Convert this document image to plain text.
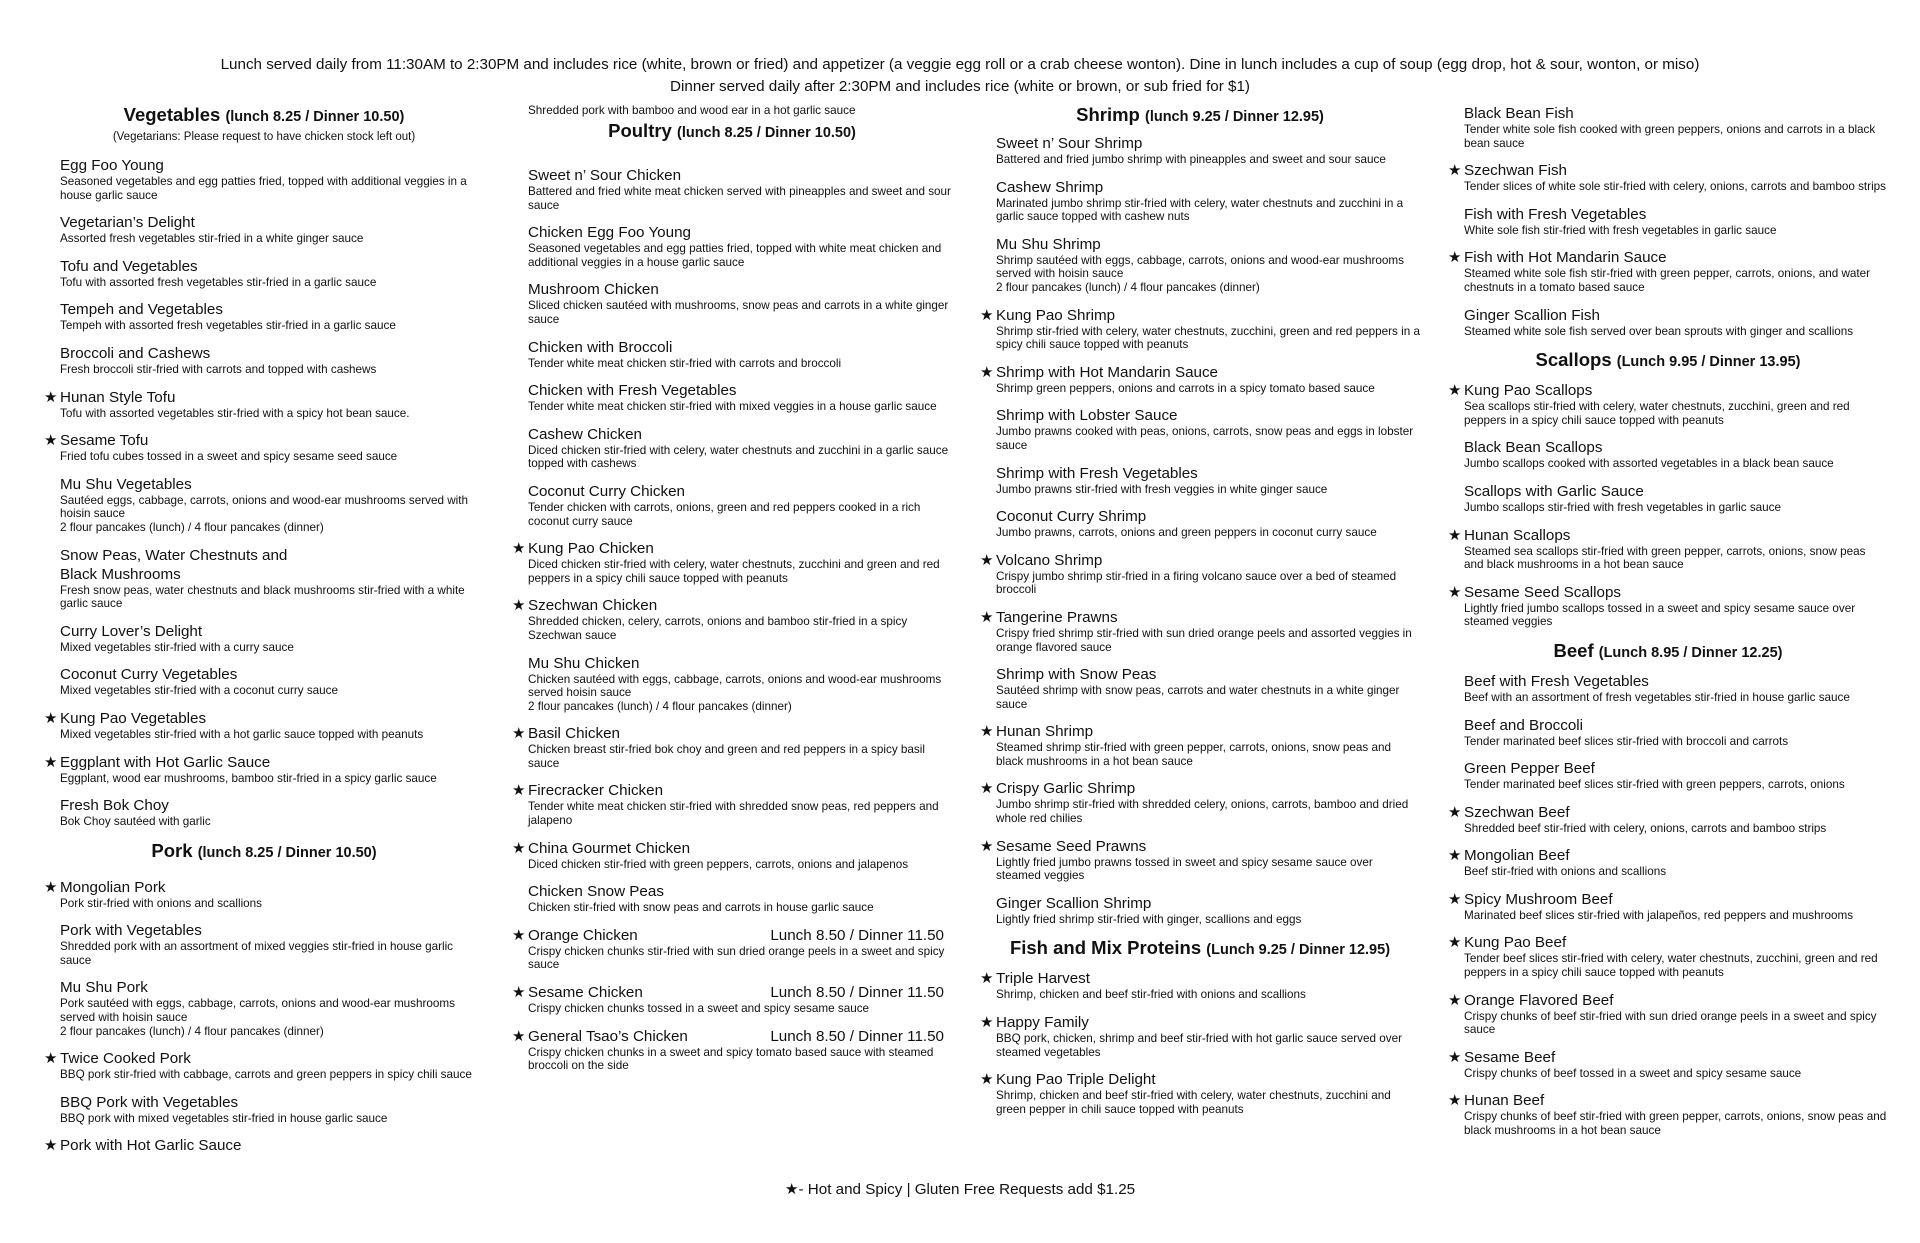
Lunch served daily from 11:30AM to 2:30PM and includes rice (white, brown or fried) and appetizer (a veggie egg roll or a crab cheese wonton). Dine in lunch includes a cup of soup (egg drop, hot & sour, wonton, or miso)
Dinner served daily after 2:30PM and includes rice (white or brown, or sub fried for $1)
Vegetables (lunch 8.25 / Dinner 10.50)
(Vegetarians: Please request to have chicken stock left out)
Egg Foo Young
Seasoned vegetables and egg patties fried, topped with additional veggies in a house garlic sauce
Vegetarian’s Delight
Assorted fresh vegetables stir-fried in a white ginger sauce
Tofu and Vegetables
Tofu with assorted fresh vegetables stir-fried in a garlic sauce
Tempeh and Vegetables
Tempeh with assorted fresh vegetables stir-fried in a garlic sauce
Broccoli and Cashews
Fresh broccoli stir-fried with carrots and topped with cashews
★ Hunan Style Tofu
Tofu with assorted vegetables stir-fried with a spicy hot bean sauce.
★ Sesame Tofu
Fried tofu cubes tossed in a sweet and spicy sesame seed sauce
Mu Shu Vegetables
Sautéed eggs, cabbage, carrots, onions and wood-ear mushrooms served with hoisin sauce
2 flour pancakes (lunch) / 4 flour pancakes (dinner)
Snow Peas, Water Chestnuts and
Black Mushrooms
Fresh snow peas, water chestnuts and black mushrooms stir-fried with a white garlic sauce
Curry Lover’s Delight
Mixed vegetables stir-fried with a curry sauce
Coconut Curry Vegetables
Mixed vegetables stir-fried with a coconut curry sauce
★ Kung Pao Vegetables
Mixed vegetables stir-fried with a hot garlic sauce topped with peanuts
★ Eggplant with Hot Garlic Sauce
Eggplant, wood ear mushrooms, bamboo stir-fried in a spicy garlic sauce
Fresh Bok Choy
Bok Choy sautéed with garlic
Pork (lunch 8.25 / Dinner 10.50)
★ Mongolian Pork
Pork stir-fried with onions and scallions
Pork with Vegetables
Shredded pork with an assortment of mixed veggies stir-fried in house garlic sauce
Mu Shu Pork
Pork sautéed with eggs, cabbage, carrots, onions and wood-ear mushrooms served with hoisin sauce
2 flour pancakes (lunch) / 4 flour pancakes (dinner)
★ Twice Cooked Pork
BBQ pork stir-fried with cabbage, carrots and green peppers in spicy chili sauce
BBQ Pork with Vegetables
BBQ pork with mixed vegetables stir-fried in house garlic sauce
★ Pork with Hot Garlic Sauce
Shredded pork with bamboo and wood ear in a hot garlic sauce
Poultry (lunch 8.25 / Dinner 10.50)
Sweet n’ Sour Chicken
Battered and fried white meat chicken served with pineapples and sweet and sour sauce
Chicken Egg Foo Young
Seasoned vegetables and egg patties fried, topped with white meat chicken and additional veggies in a house garlic sauce
Mushroom Chicken
Sliced chicken sautéed with mushrooms, snow peas and carrots in a white ginger sauce
Chicken with Broccoli
Tender white meat chicken stir-fried with carrots and broccoli
Chicken with Fresh Vegetables
Tender white meat chicken stir-fried with mixed veggies in a house garlic sauce
Cashew Chicken
Diced chicken stir-fried with celery, water chestnuts and zucchini in a garlic sauce topped with cashews
Coconut Curry Chicken
Tender chicken with carrots, onions, green and red peppers cooked in a rich coconut curry sauce
★ Kung Pao Chicken
Diced chicken stir-fried with celery, water chestnuts, zucchini and green and red peppers in a spicy chili sauce topped with peanuts
★ Szechwan Chicken
Shredded chicken, celery, carrots, onions and bamboo stir-fried in a spicy Szechwan sauce
Mu Shu Chicken
Chicken sautéed with eggs, cabbage, carrots, onions and wood-ear mushrooms served hoisin sauce
2 flour pancakes (lunch) / 4 flour pancakes (dinner)
★ Basil Chicken
Chicken breast stir-fried bok choy and green and red peppers in a spicy basil sauce
★ Firecracker Chicken
Tender white meat chicken stir-fried with shredded snow peas, red peppers and jalapeno
★ China Gourmet Chicken
Diced chicken stir-fried with green peppers, carrots, onions and jalapenos
Chicken Snow Peas
Chicken stir-fried with snow peas and carrots in house garlic sauce
★ Orange Chicken	Lunch 8.50 / Dinner 11.50
Crispy chicken chunks stir-fried with sun dried orange peels in a sweet and spicy sauce
★ Sesame Chicken	Lunch 8.50 / Dinner 11.50
Crispy chicken chunks tossed in a sweet and spicy sesame sauce
★ General Tsao’s Chicken	Lunch 8.50 / Dinner 11.50
Crispy chicken chunks in a sweet and spicy tomato based sauce with steamed broccoli on the side
Shrimp (lunch 9.25 / Dinner 12.95)
Sweet n’ Sour Shrimp
Battered and fried jumbo shrimp with pineapples and sweet and sour sauce
Cashew Shrimp
Marinated jumbo shrimp stir-fried with celery, water chestnuts and zucchini in a garlic sauce topped with cashew nuts
Mu Shu Shrimp
Shrimp sautéed with eggs, cabbage, carrots, onions and wood-ear mushrooms served with hoisin sauce
2 flour pancakes (lunch) / 4 flour pancakes (dinner)
★ Kung Pao Shrimp
Shrimp stir-fried with celery, water chestnuts, zucchini, green and red peppers in a spicy chili sauce topped with peanuts
★ Shrimp with Hot Mandarin Sauce
Shrimp green peppers, onions and carrots in a spicy tomato based sauce
Shrimp with Lobster Sauce
Jumbo prawns cooked with peas, onions, carrots, snow peas and eggs in lobster sauce
Shrimp with Fresh Vegetables
Jumbo prawns stir-fried with fresh veggies in white ginger sauce
Coconut Curry Shrimp
Jumbo prawns, carrots, onions and green peppers in coconut curry sauce
★ Volcano Shrimp
Crispy jumbo shrimp stir-fried in a firing volcano sauce over a bed of steamed broccoli
★ Tangerine Prawns
Crispy fried shrimp stir-fried with sun dried orange peels and assorted veggies in orange flavored sauce
Shrimp with Snow Peas
Sautéed shrimp with snow peas, carrots and water chestnuts in a white ginger sauce
★ Hunan Shrimp
Steamed shrimp stir-fried with green pepper, carrots, onions, snow peas and black mushrooms in a hot bean sauce
★ Crispy Garlic Shrimp
Jumbo shrimp stir-fried with shredded celery, onions, carrots, bamboo and dried whole red chilies
★ Sesame Seed Prawns
Lightly fried jumbo prawns tossed in sweet and spicy sesame sauce over steamed veggies
Ginger Scallion Shrimp
Lightly fried shrimp stir-fried with ginger, scallions and eggs
Fish and Mix Proteins (Lunch 9.25 / Dinner 12.95)
★ Triple Harvest
Shrimp, chicken and beef stir-fried with onions and scallions
★ Happy Family
BBQ pork, chicken, shrimp and beef stir-fried with hot garlic sauce served over steamed vegetables
★ Kung Pao Triple Delight
Shrimp, chicken and beef stir-fried with celery, water chestnuts, zucchini and green pepper in chili sauce topped with peanuts
Black Bean Fish
Tender white sole fish cooked with green peppers, onions and carrots in a black bean sauce
★ Szechwan Fish
Tender slices of white sole stir-fried with celery, onions, carrots and bamboo strips
Fish with Fresh Vegetables
White sole fish stir-fried with fresh vegetables in garlic sauce
★ Fish with Hot Mandarin Sauce
Steamed white sole fish stir-fried with green pepper, carrots, onions, and water chestnuts in a tomato based sauce
Ginger Scallion Fish
Steamed white sole fish served over bean sprouts with ginger and scallions
Scallops (Lunch 9.95 / Dinner 13.95)
★ Kung Pao Scallops
Sea scallops stir-fried with celery, water chestnuts, zucchini, green and red peppers in a spicy chili sauce topped with peanuts
Black Bean Scallops
Jumbo scallops cooked with assorted vegetables in a black bean sauce
Scallops with Garlic Sauce
Jumbo scallops stir-fried with fresh vegetables in garlic sauce
★ Hunan Scallops
Steamed sea scallops stir-fried with green pepper, carrots, onions, snow peas and black mushrooms in a hot bean sauce
★ Sesame Seed Scallops
Lightly fried jumbo scallops tossed in a sweet and spicy sesame sauce over steamed veggies
Beef (Lunch 8.95 / Dinner 12.25)
Beef with Fresh Vegetables
Beef with an assortment of fresh vegetables stir-fried in house garlic sauce
Beef and Broccoli
Tender marinated beef slices stir-fried with broccoli and carrots
Green Pepper Beef
Tender marinated beef slices stir-fried with green peppers, carrots, onions
★ Szechwan Beef
Shredded beef stir-fried with celery, onions, carrots and bamboo strips
★ Mongolian Beef
Beef stir-fried with onions and scallions
★ Spicy Mushroom Beef
Marinated beef slices stir-fried with jalapeños, red peppers and mushrooms
★ Kung Pao Beef
Tender beef slices stir-fried with celery, water chestnuts, zucchini, green and red peppers in a spicy chili sauce topped with peanuts
★ Orange Flavored Beef
Crispy chunks of beef stir-fried with sun dried orange peels in a sweet and spicy sauce
★ Sesame Beef
Crispy chunks of beef tossed in a sweet and spicy sesame sauce
★ Hunan Beef
Crispy chunks of beef stir-fried with green pepper, carrots, onions, snow peas and black mushrooms in a hot bean sauce
★- Hot and Spicy | Gluten Free Requests add $1.25
